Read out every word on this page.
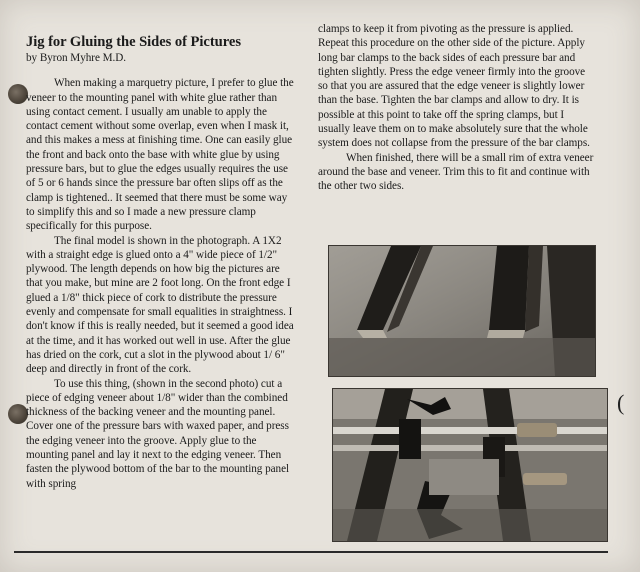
(
Jig for Gluing the Sides of Pictures
by Byron Myhre M.D.

When making a marquetry picture, I prefer to glue the veneer to the mounting panel with white glue rather than using contact cement. I usually am unable to apply the contact cement without some overlap, even when I mask it, and this makes a mess at finishing time. One can easily glue the front and back onto the base with white glue by using pressure bars, but to glue the edges usually requires the use of 5 or 6 hands since the pressure bar often slips off as the clamp is tightened.. It seemed that there must be some way to simplify this and so I made a new pressure clamp specifically for this purpose.

The final model is shown in the photograph. A 1X2 with a straight edge is glued onto a 4" wide piece of 1/2" plywood. The length depends on how big the pictures are that you make, but mine are 2 foot long. On the front edge I glued a 1/8" thick piece of cork to distribute the pressure evenly and compensate for small equalities in straightness. I don't know if this is really needed, but it seemed a good idea at the time, and it has worked out well in use. After the glue has dried on the cork, cut a slot in the plywood about 1/ 6" deep and directly in front of the cork.

To use this thing, (shown in the second photo) cut a piece of edging veneer about 1/8" wider than the combined thickness of the backing veneer and the mounting panel. Cover one of the pressure bars with waxed paper, and press the edging veneer into the groove. Apply glue to the mounting panel and lay it next to the edging veneer. Then fasten the plywood bottom of the bar to the mounting panel with spring

clamps to keep it from pivoting as the pressure is applied. Repeat this procedure on the other side of the picture. Apply long bar clamps to the back sides of each pressure bar and tighten slightly. Press the edge veneer firmly into the groove so that you are assured that the edge veneer is slightly lower than the base. Tighten the bar clamps and allow to dry. It is possible at this point to take off the spring clamps, but I usually leave them on to make absolutely sure that the whole system does not collapse from the pressure of the bar clamps.

When finished, there will be a small rim of extra veneer around the base and veneer. Trim this to fit and continue with the other two sides.
